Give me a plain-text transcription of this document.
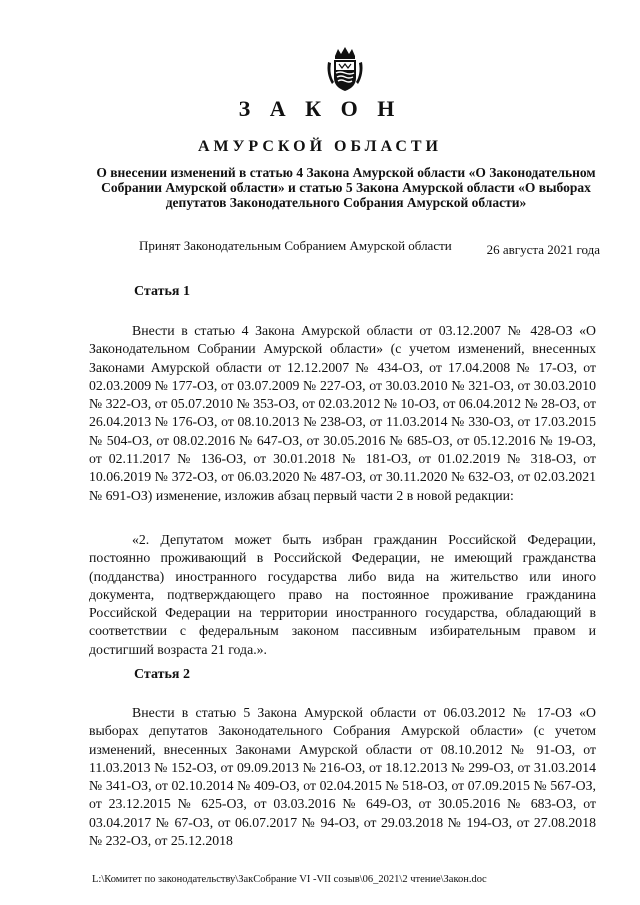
З А К О Н
АМУРСКОЙ ОБЛАСТИ

О внесении изменений в статью 4 Закона Амурской области «О Законодательном Собрании Амурской области» и статью 5 Закона Амурской области «О выборах депутатов Законодательного Собрания Амурской области»

Принят Законодательным Собранием Амурской области	26 августа 2021 года
Статья 1

Внести в статью 4 Закона Амурской области от 03.12.2007 № 428-ОЗ «О Законодательном Собрании Амурской области» (с учетом изменений, внесенных Законами Амурской области от 12.12.2007 № 434-ОЗ, от 17.04.2008 № 17-ОЗ, от 02.03.2009 № 177-ОЗ, от 03.07.2009 № 227-ОЗ, от 30.03.2010 № 321-ОЗ, от 30.03.2010 № 322-ОЗ, от 05.07.2010 № 353-ОЗ, от 02.03.2012 № 10-ОЗ, от 06.04.2012 № 28-ОЗ, от 26.04.2013 № 176-ОЗ, от 08.10.2013 № 238-ОЗ, от 11.03.2014 № 330-ОЗ, от 17.03.2015 № 504-ОЗ, от 08.02.2016 № 647-ОЗ, от 30.05.2016 № 685-ОЗ, от 05.12.2016 № 19-ОЗ, от 02.11.2017 № 136-ОЗ, от 30.01.2018 № 181-ОЗ, от 01.02.2019 № 318-ОЗ, от 10.06.2019 № 372-ОЗ, от 06.03.2020 № 487-ОЗ, от 30.11.2020 № 632-ОЗ, от 02.03.2021 № 691-ОЗ) изменение, изложив абзац первый части 2 в новой редакции:

«2. Депутатом может быть избран гражданин Российской Федерации, постоянно проживающий в Российской Федерации, не имеющий гражданства (подданства) иностранного государства либо вида на жительство или иного документа, подтверждающего право на постоянное проживание гражданина Российской Федерации на территории иностранного государства, обладающий в соответствии с федеральным законом пассивным избирательным правом и достигший возраста 21 года.».

Статья 2

Внести в статью 5 Закона Амурской области от 06.03.2012 № 17-ОЗ «О выборах депутатов Законодательного Собрания Амурской области» (с учетом изменений, внесенных Законами Амурской области от 08.10.2012 № 91-ОЗ, от 11.03.2013 № 152-ОЗ, от 09.09.2013 № 216-ОЗ, от 18.12.2013 № 299-ОЗ, от 31.03.2014 № 341-ОЗ, от 02.10.2014 № 409-ОЗ, от 02.04.2015 № 518-ОЗ, от 07.09.2015 № 567-ОЗ, от 23.12.2015 № 625-ОЗ, от 03.03.2016 № 649-ОЗ, от 30.05.2016 № 683-ОЗ, от 03.04.2017 № 67-ОЗ, от 06.07.2017 № 94-ОЗ, от 29.03.2018 № 194-ОЗ, от 27.08.2018 № 232-ОЗ, от 25.12.2018

L:\Комитет по законодательству\ЗакСобрание VI -VII созыв\06_2021\2 чтение\Закон.doc
